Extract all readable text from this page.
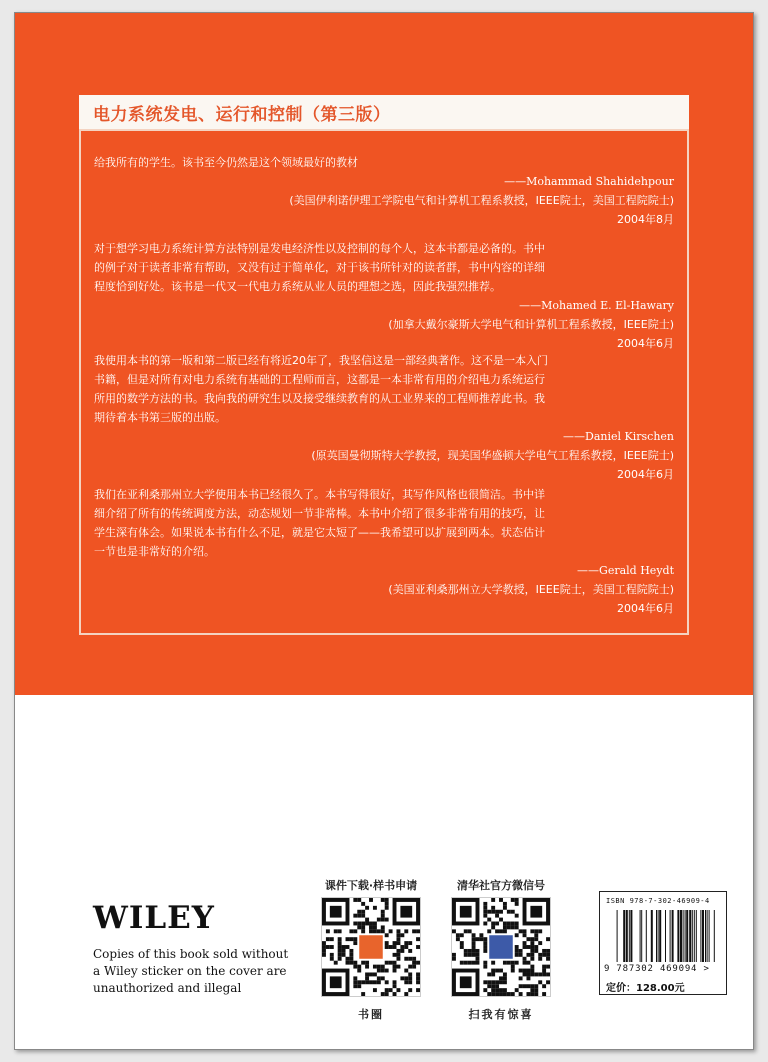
电力系统发电、运行和控制（第三版）
给我所有的学生。该书至今仍然是这个领域最好的教材
——Mohammad Shahidehpour
(美国伊利诺伊理工学院电气和计算机工程系教授，IEEE院士，美国工程院院士)
2004年8月
对于想学习电力系统计算方法特别是发电经济性以及控制的每个人，这本书都是必备的。书中
的例子对于读者非常有帮助，又没有过于简单化，对于该书所针对的读者群，书中内容的详细
程度恰到好处。该书是一代又一代电力系统从业人员的理想之选，因此我强烈推荐。
——Mohamed E. El-Hawary
(加拿大戴尔豪斯大学电气和计算机工程系教授，IEEE院士)
2004年6月
我使用本书的第一版和第二版已经有将近20年了，我坚信这是一部经典著作。这不是一本入门
书籍，但是对所有对电力系统有基础的工程师而言，这都是一本非常有用的介绍电力系统运行
所用的数学方法的书。我向我的研究生以及接受继续教育的从工业界来的工程师推荐此书。我
期待着本书第三版的出版。
——Daniel Kirschen
(原英国曼彻斯特大学教授，现美国华盛顿大学电气工程系教授，IEEE院士)
2004年6月
我们在亚利桑那州立大学使用本书已经很久了。本书写得很好，其写作风格也很简洁。书中详
细介绍了所有的传统调度方法，动态规划一节非常棒。本书中介绍了很多非常有用的技巧，让
学生深有体会。如果说本书有什么不足，就是它太短了——我希望可以扩展到两本。状态估计
一节也是非常好的介绍。
——Gerald Heydt
(美国亚利桑那州立大学教授，IEEE院士，美国工程院院士)
2004年6月
WILEY
Copies of this book sold without
a Wiley sticker on the cover are
unauthorized and illegal
课件下载·样书申请
书圈
清华社官方微信号
扫我有惊喜
ISBN 978-7-302-46909-4
9 787302 469094 >
定价：128.00元
